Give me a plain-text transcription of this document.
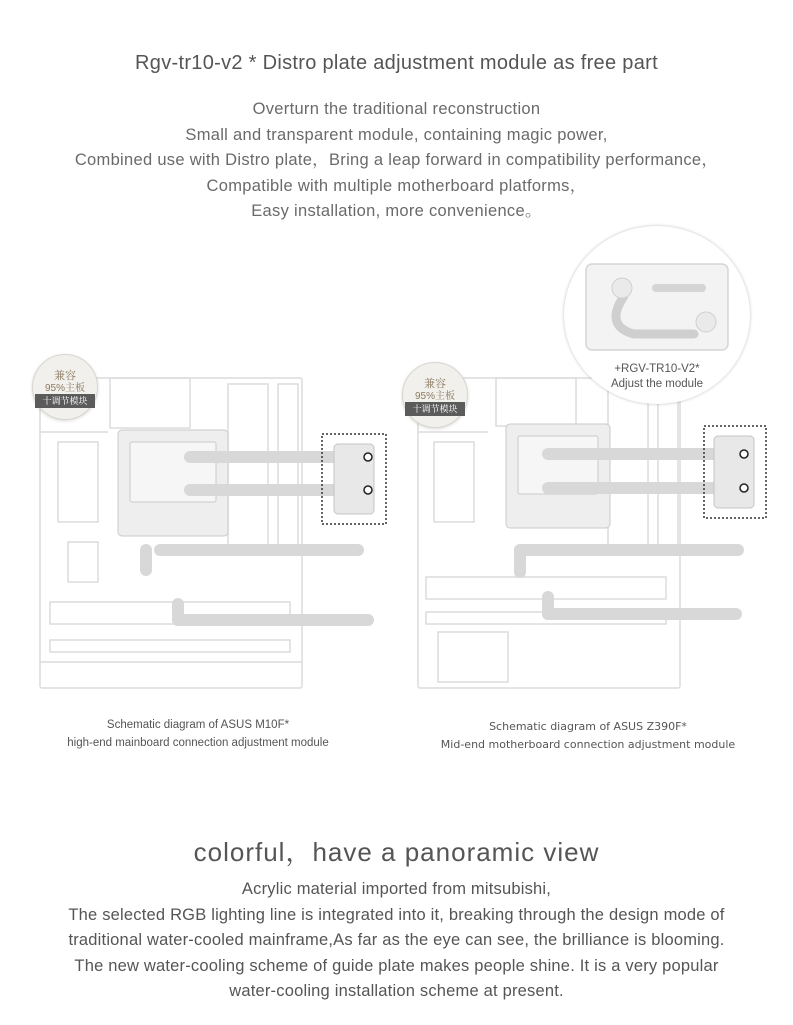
Rgv-tr10-v2 * Distro plate adjustment module as free part
Overturn the traditional reconstruction
Small and transparent module, containing magic power,
Combined use with Distro plate，Bring a leap forward in compatibility performance，
Compatible with multiple motherboard platforms，
Easy installation, more convenience。
兼容
95%主板
十调节模块
Schematic diagram of ASUS M10F*
high-end mainboard connection adjustment module
兼容
95%主板
十调节模块
+RGV-TR10-V2*
Adjust the module
Schematic diagram of ASUS Z390F*
Mid-end motherboard connection adjustment module
colorful，have a panoramic view
Acrylic material imported from mitsubishi,
The selected RGB lighting line is integrated into it, breaking through the design mode of
traditional water-cooled mainframe,As far as the eye can see, the brilliance is blooming.
The new water-cooling scheme of guide plate makes people shine. It is a very popular
water-cooling installation scheme at present.
